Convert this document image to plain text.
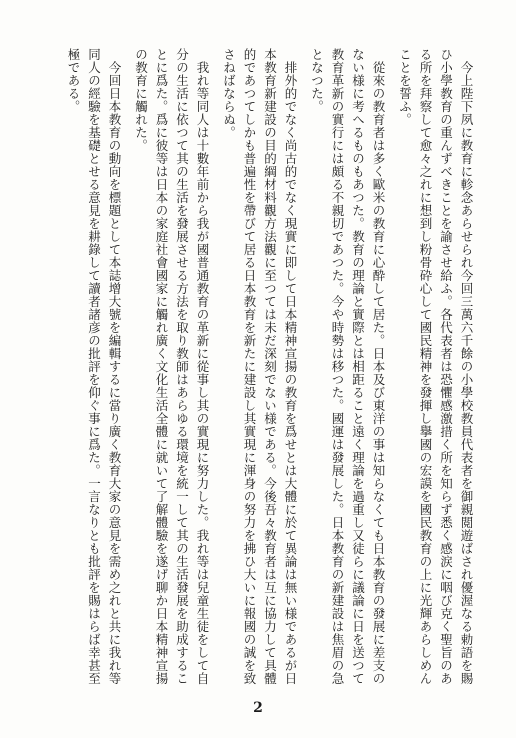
今上陛下夙に教育に軫念あらせられ今回三萬六千餘の小學校教員代表者を御親閲遊ばされ優渥なる勅語を賜ひ小學教育の重んずべきことを諭させ給ふ。各代表者は恐懼感激措く所を知らず悉く感涙に咽び克く聖旨のある所を拜察して愈々之れに想到し粉骨砕心して國民精神を發揮し擧國の宏謨を國民教育の上に光輝あらしめんことを誓ふ。

從來の教育者は多く歐米の教育に心酔して居た。日本及び東洋の事は知らなくても日本教育の發展に差支のない様に考へるものもあつた。教育の理論と實際とは相距ること遠く理論を過重し又徒らに議論に日を送つて教育革新の實行には頗る不親切であつた。今や時勢は移つた。國運は發展した。日本教育の新建設は焦眉の急となつた。

排外的でなく尚古的でなく現實に即して日本精神宣揚の教育を爲せとは大體に於て異論は無い様であるが日本教育新建設の目的綱材料觀方法觀に至つては未だ深刻でない様である。今後吾々教育者は互に協力して具體的であつてしかも普遍性を帶びて居る日本教育を新たに建設し其實現に渾身の努力を拂ひ大いに報國の誠を致さねばならぬ。

我れ等同人は十數年前から我が國普通教育の革新に從事し其の實現に努力した。我れ等は兒童生徒をして自分の生活に依つて其の生活を發展させる方法を取り教師はあらゆる環境を統一して其の生活發展を助成することに爲た。爲に彼等は日本の家庭社會國家に觸れ廣く文化生活全體に就いて了解體驗を遂げ聊か日本精神宣揚の教育に觸れた。

今回日本教育の動向を標題として本誌增大號を編輯するに當り廣く教育大家の意見を需め之れと共に我れ等同人の經驗を基礎とせる意見を耕錄して讀者諸彦の批評を仰ぐ事に爲た。一言なりとも批評を賜はらば幸甚至極である。

2
